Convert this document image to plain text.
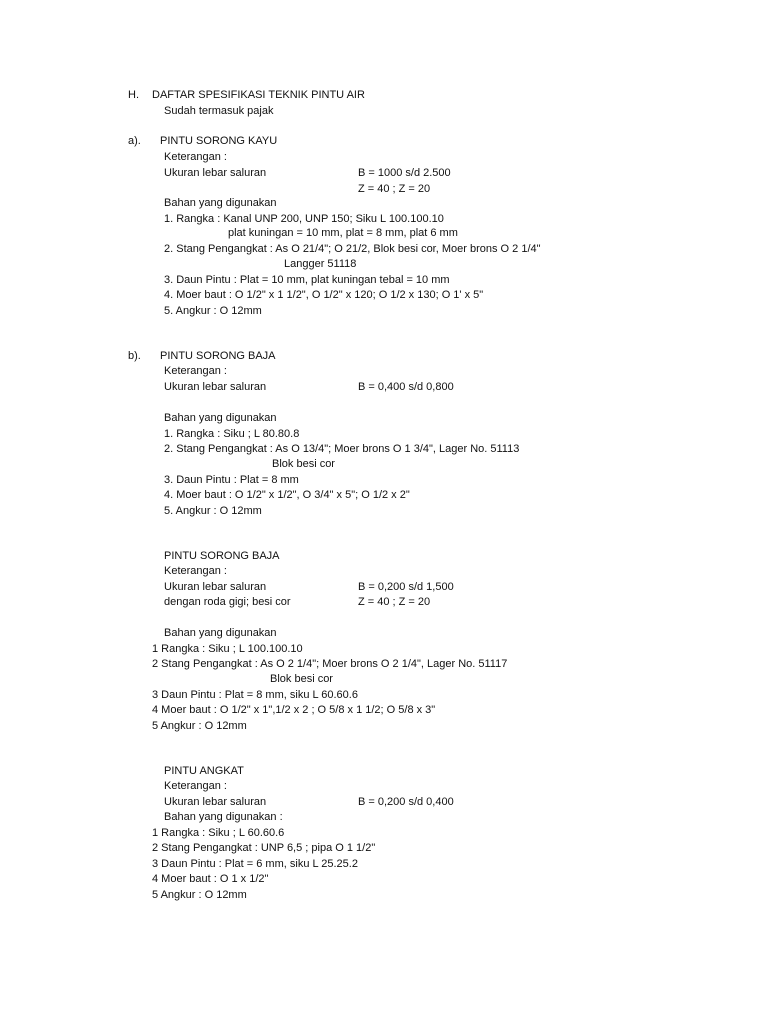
H. DAFTAR SPESIFIKASI TEKNIK PINTU AIR
Sudah termasuk pajak
a). PINTU SORONG KAYU
Keterangan :
Ukuran lebar saluran	B = 1000 s/d 2.500
Z = 40 ; Z = 20
Bahan yang digunakan
1. Rangka : Kanal UNP 200, UNP 150; Siku L 100.100.10
plat kuningan = 10 mm, plat = 8 mm, plat 6 mm
2. Stang Pengangkat : As O 21/4"; O 21/2, Blok besi cor, Moer brons O 2 1/4"
Langger 51118
3. Daun Pintu : Plat = 10 mm, plat kuningan tebal = 10 mm
4. Moer baut : O 1/2" x 1 1/2", O 1/2" x 120; O 1/2 x 130; O 1' x 5"
5. Angkur : O 12mm
b). PINTU SORONG BAJA
Keterangan :
Ukuran lebar saluran	B = 0,400 s/d 0,800
Bahan yang digunakan
1. Rangka : Siku ; L 80.80.8
2. Stang Pengangkat : As O 13/4"; Moer brons O 1 3/4", Lager No. 51113
Blok besi cor
3. Daun Pintu : Plat = 8 mm
4. Moer baut : O 1/2" x 1/2", O 3/4" x 5"; O 1/2 x 2"
5. Angkur : O 12mm
PINTU SORONG BAJA
Keterangan :
Ukuran lebar saluran	B = 0,200 s/d 1,500
dengan roda gigi; besi cor	Z = 40 ; Z = 20
Bahan yang digunakan
1 Rangka : Siku ; L 100.100.10
2 Stang Pengangkat : As O 2 1/4"; Moer brons O 2 1/4", Lager No. 51117
Blok besi cor
3 Daun Pintu : Plat = 8 mm, siku L 60.60.6
4 Moer baut : O 1/2" x 1",1/2 x 2 ; O 5/8 x 1 1/2; O 5/8 x 3"
5 Angkur : O 12mm
PINTU ANGKAT
Keterangan :
Ukuran lebar saluran	B = 0,200 s/d 0,400
Bahan yang digunakan :
1 Rangka : Siku ; L 60.60.6
2 Stang Pengangkat : UNP 6,5 ; pipa O 1 1/2"
3 Daun Pintu : Plat = 6 mm, siku L 25.25.2
4 Moer baut : O 1 x 1/2"
5 Angkur : O 12mm
